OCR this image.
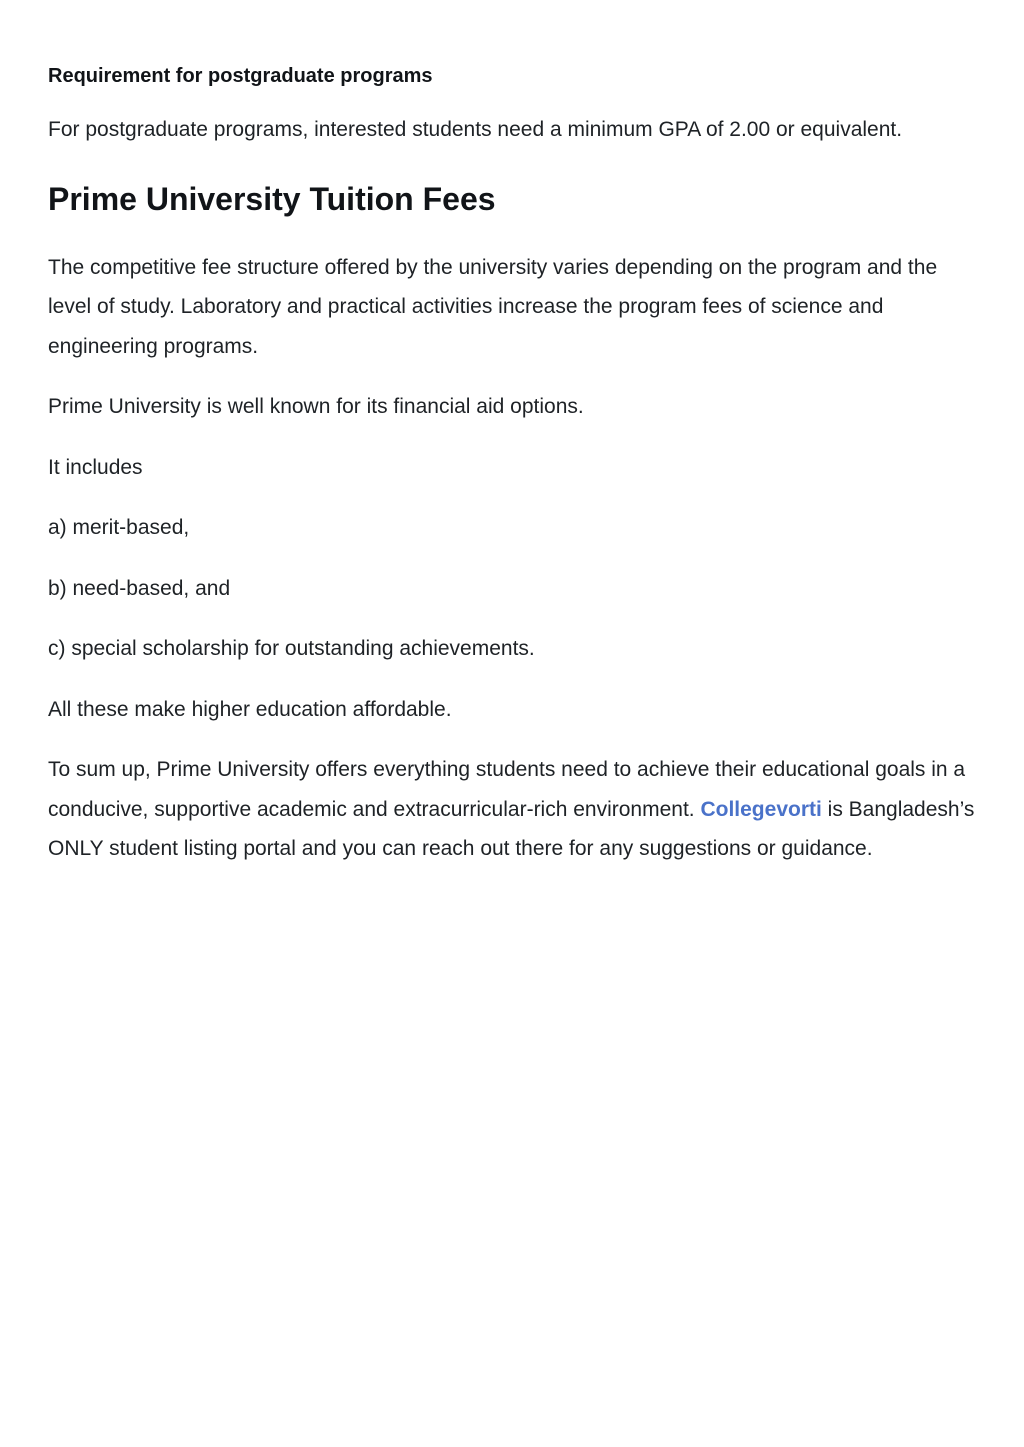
Requirement for postgraduate programs

For postgraduate programs, interested students need a minimum GPA of 2.00 or equivalent.

Prime University Tuition Fees

The competitive fee structure offered by the university varies depending on the program and the level of study. Laboratory and practical activities increase the program fees of science and engineering programs.

Prime University is well known for its financial aid options.

It includes

a) merit-based,

b) need-based, and

c) special scholarship for outstanding achievements.

All these make higher education affordable.

To sum up, Prime University offers everything students need to achieve their educational goals in a conducive, supportive academic and extracurricular-rich environment. Collegevorti is Bangladesh’s ONLY student listing portal and you can reach out there for any suggestions or guidance.
